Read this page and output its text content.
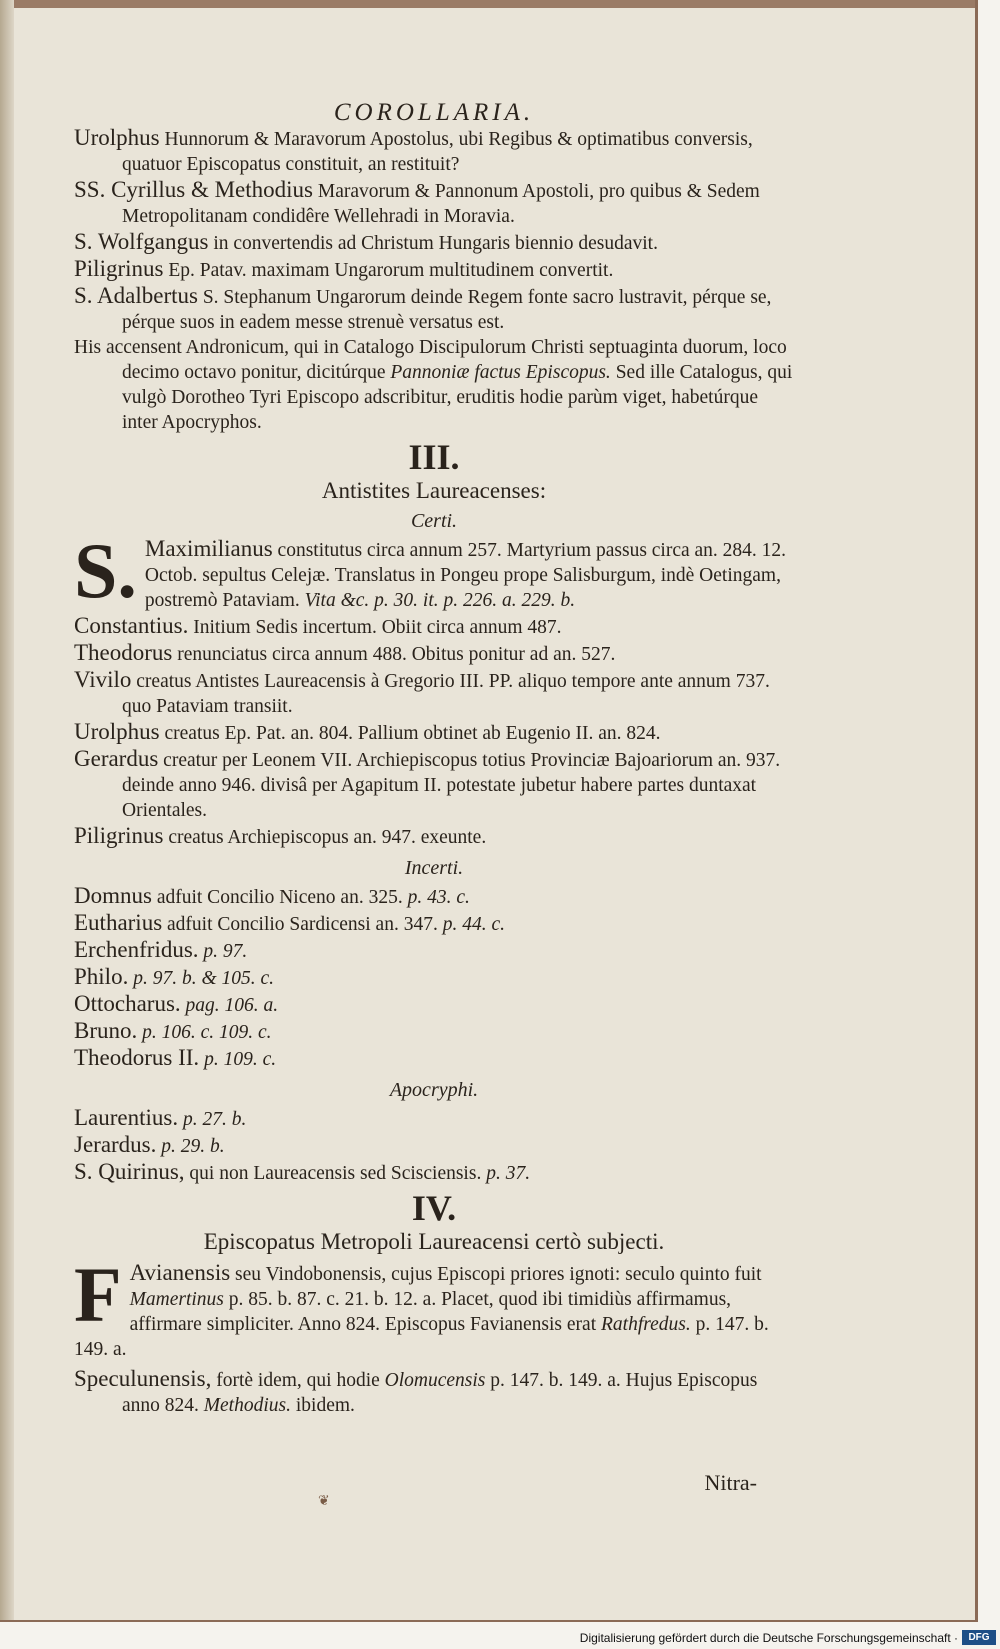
COROLLARIA.

Urolphus Hunnorum & Maravorum Apostolus, ubi Regibus & optimatibus conversis, quatuor Episcopatus constituit, an restituit?

SS. Cyrillus & Methodius Maravorum & Pannonum Apostoli, pro quibus & Sedem Metropolitanam condidêre Wellehradi in Moravia.

S. Wolfgangus in convertendis ad Christum Hungaris biennio desudavit.

Piligrinus Ep. Patav. maximam Ungarorum multitudinem convertit.

S. Adalbertus S. Stephanum Ungarorum deinde Regem fonte sacro lustravit, pérque se, pérque suos in eadem messe strenuè versatus est.

His accensent Andronicum, qui in Catalogo Discipulorum Christi septuaginta duorum, loco decimo octavo ponitur, dicitúrque Pannoniæ factus Episcopus. Sed ille Catalogus, qui vulgò Dorotheo Tyri Episcopo adscribitur, eruditis hodie parùm viget, habetúrque inter Apocryphos.

III.

Antistites Laureacenses:

Certi.

S. Maximilianus constitutus circa annum 257. Martyrium passus circa an. 284. 12. Octob. sepultus Celejæ. Translatus in Pongeu prope Salisburgum, indè Oetingam, postremò Pataviam. Vita &c. p. 30. it. p. 226. a. 229. b.

Constantius. Initium Sedis incertum. Obiit circa annum 487.

Theodorus renunciatus circa annum 488. Obitus ponitur ad an. 527.

Vivilo creatus Antistes Laureacensis à Gregorio III. PP. aliquo tempore ante annum 737. quo Pataviam transiit.

Urolphus creatus Ep. Pat. an. 804. Pallium obtinet ab Eugenio II. an. 824.

Gerardus creatur per Leonem VII. Archiepiscopus totius Provinciæ Bajoariorum an. 937. deinde anno 946. divisâ per Agapitum II. potestate jubetur habere partes duntaxat Orientales.

Piligrinus creatus Archiepiscopus an. 947. exeunte.

Incerti.

Domnus adfuit Concilio Niceno an. 325. p. 43. c.

Eutharius adfuit Concilio Sardicensi an. 347. p. 44. c.

Erchenfridus. p. 97.

Philo. p. 97. b. & 105. c.

Ottocharus. pag. 106. a.

Bruno. p. 106. c. 109. c.

Theodorus II. p. 109. c.

Apocryphi.

Laurentius. p. 27. b.

Jerardus. p. 29. b.

S. Quirinus, qui non Laureacensis sed Scisciensis. p. 37.

IV.

Episcopatus Metropoli Laureacensi certò subjecti.

F Avianensis seu Vindobonensis, cujus Episcopi priores ignoti: seculo quinto fuit Mamertinus p. 85. b. 87. c. 21. b. 12. a. Placet, quod ibi timidiùs affirmamus, affirmare simpliciter. Anno 824. Episcopus Favianensis erat Rathfredus. p. 147. b. 149. a.

Speculunensis, fortè idem, qui hodie Olomucensis p. 147. b. 149. a. Hujus Episcopus anno 824. Methodius. ibidem.

Nitra-
❦
Digitalisierung gefördert durch die Deutsche Forschungsgemeinschaft ·	DFG
